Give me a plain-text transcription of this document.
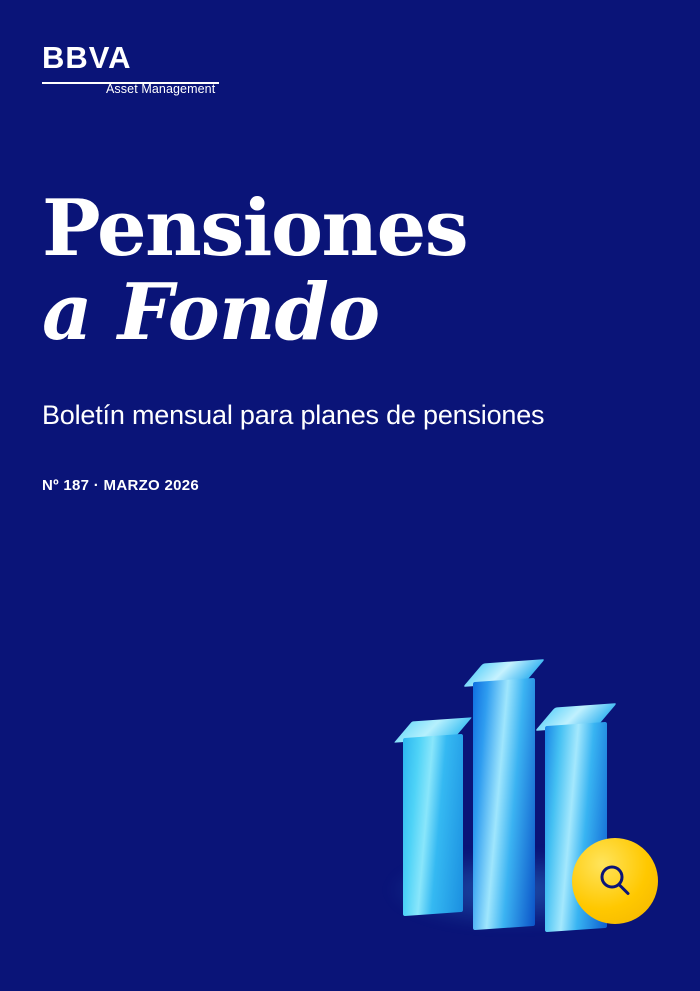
BBVA
Asset Management
Pensiones
a Fondo
Boletín mensual para planes de pensiones
Nº 187 · MARZO 2026
